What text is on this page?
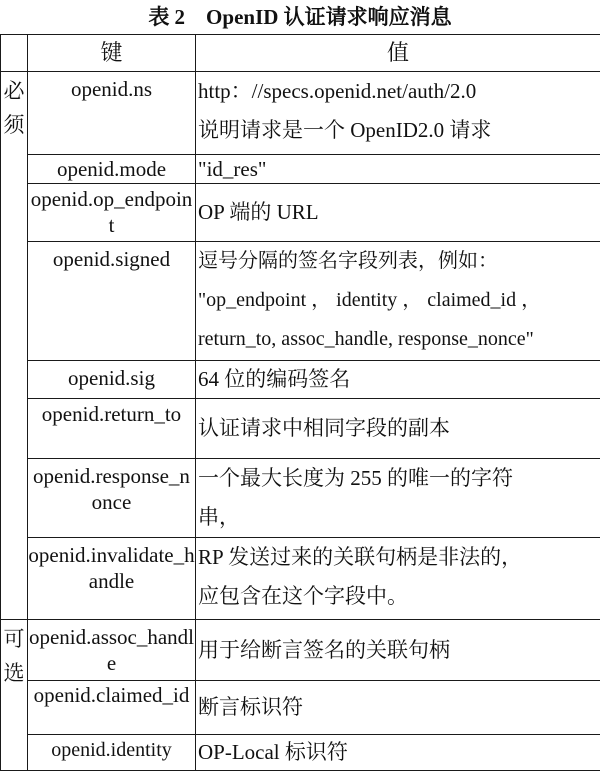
表 2    OpenID 认证请求响应消息
	键	值
必
须	openid.ns	http：//specs.openid.net/auth/2.0
说明请求是一个 OpenID2.0 请求

	openid.mode	"id_res"

	openid.op_endpoint	OP 端的 URL

	openid.signed	逗号分隔的签名字段列表，例如：
"op_endpoint ， identity ， claimed_id ，
return_to, assoc_handle, response_nonce"

	openid.sig	64 位的编码签名

	openid.return_to	认证请求中相同字段的副本

	openid.response_nonce	一个最大长度为 255 的唯一的字符
串，

	openid.invalidate_handle	RP 发送过来的关联句柄是非法的，
应包含在这个字段中。

可
选	openid.assoc_handle	用于给断言签名的关联句柄

	openid.claimed_id	断言标识符

	openid.identity	OP-Local 标识符
